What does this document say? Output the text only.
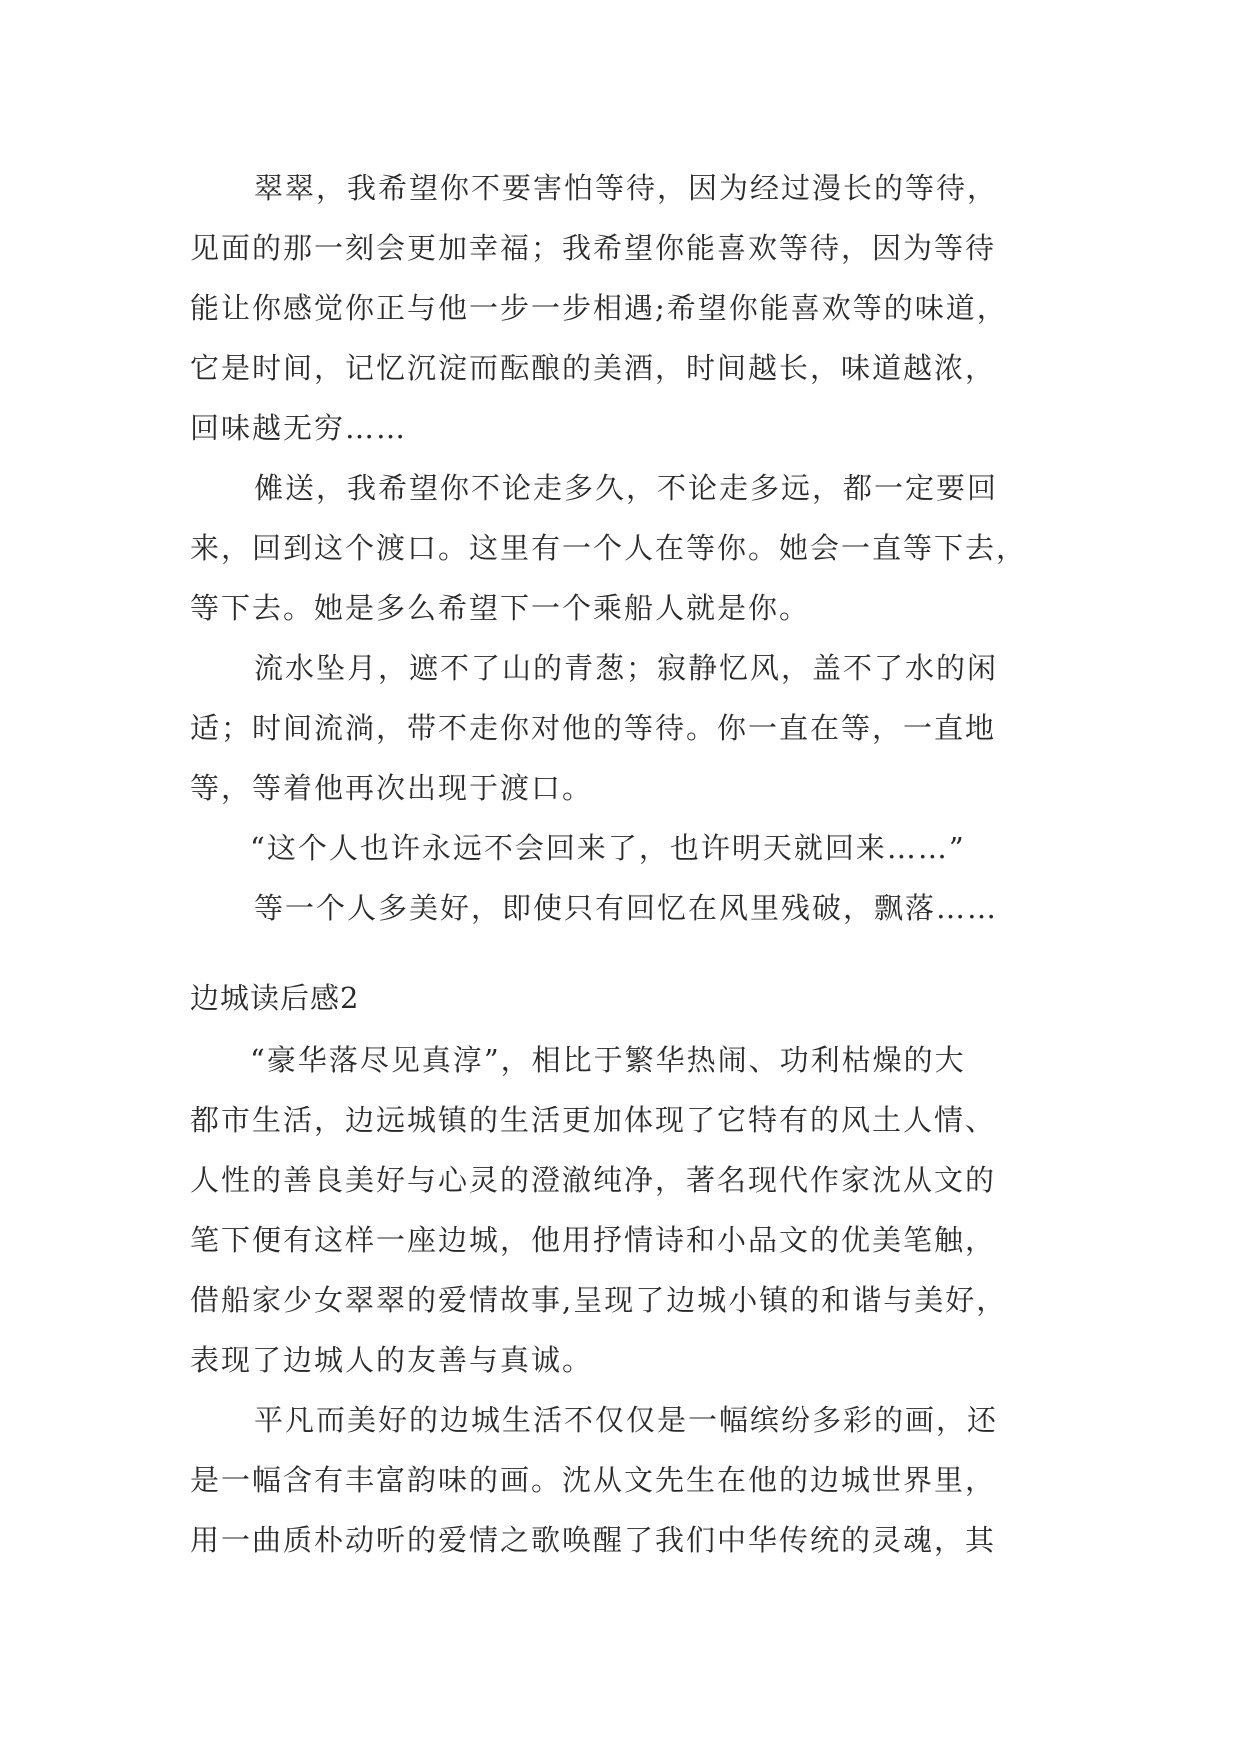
翠翠，我希望你不要害怕等待，因为经过漫长的等待，
见面的那一刻会更加幸福；我希望你能喜欢等待，因为等待
能让你感觉你正与他一步一步相遇;希望你能喜欢等的味道，
它是时间，记忆沉淀而酝酿的美酒，时间越长，味道越浓，
回味越无穷……
傩送，我希望你不论走多久，不论走多远，都一定要回
来，回到这个渡口。这里有一个人在等你。她会一直等下去，
等下去。她是多么希望下一个乘船人就是你。
流水坠月，遮不了山的青葱；寂静忆风，盖不了水的闲
适；时间流淌，带不走你对他的等待。你一直在等，一直地
等，等着他再次出现于渡口。
“这个人也许永远不会回来了，也许明天就回来……”
等一个人多美好，即使只有回忆在风里残破，飘落……
边城读后感2
“豪华落尽见真淳”，相比于繁华热闹、功利枯燥的大
都市生活，边远城镇的生活更加体现了它特有的风土人情、
人性的善良美好与心灵的澄澈纯净，著名现代作家沈从文的
笔下便有这样一座边城，他用抒情诗和小品文的优美笔触，
借船家少女翠翠的爱情故事,呈现了边城小镇的和谐与美好，
表现了边城人的友善与真诚。
平凡而美好的边城生活不仅仅是一幅缤纷多彩的画，还
是一幅含有丰富韵味的画。沈从文先生在他的边城世界里，
用一曲质朴动听的爱情之歌唤醒了我们中华传统的灵魂，其
